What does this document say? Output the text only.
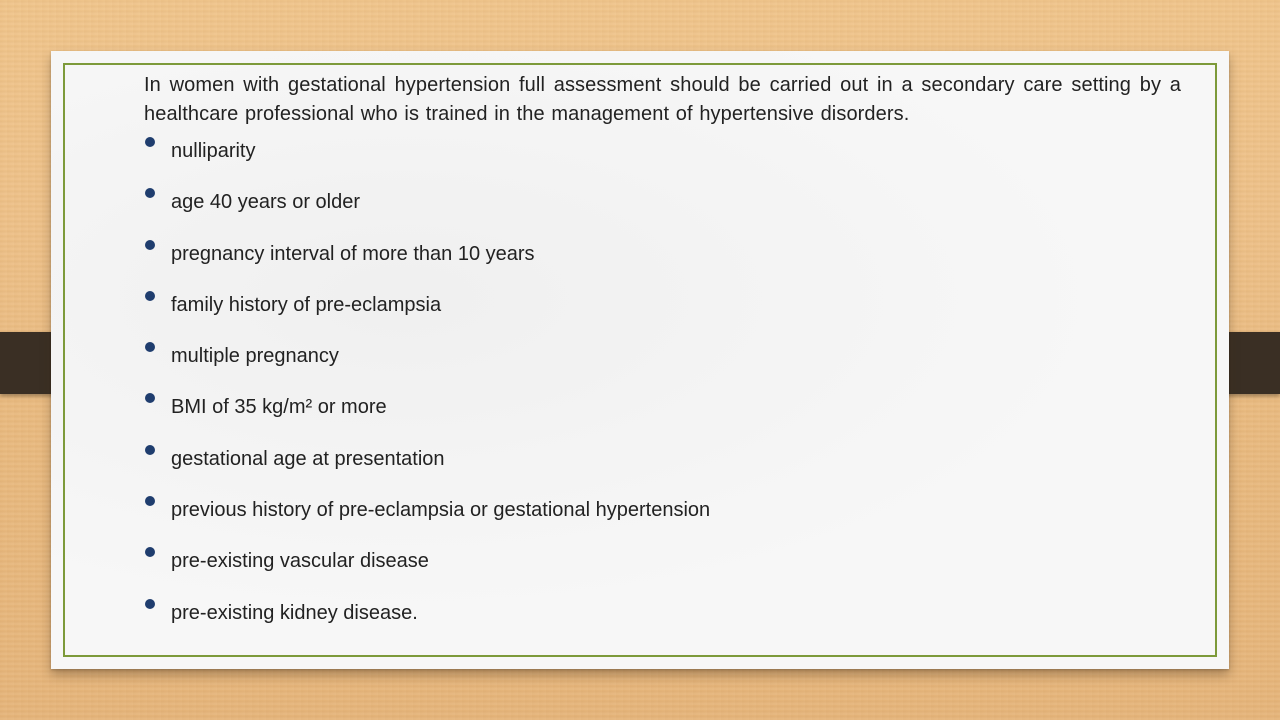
In women with gestational hypertension full assessment should be carried out in a secondary care setting by a healthcare professional who is trained in the management of hypertensive disorders.

nulliparity
age 40 years or older
pregnancy interval of more than 10 years
family history of pre-eclampsia
multiple pregnancy
BMI of 35 kg/m² or more
gestational age at presentation
previous history of pre-eclampsia or gestational hypertension
pre-existing vascular disease
pre-existing kidney disease.
